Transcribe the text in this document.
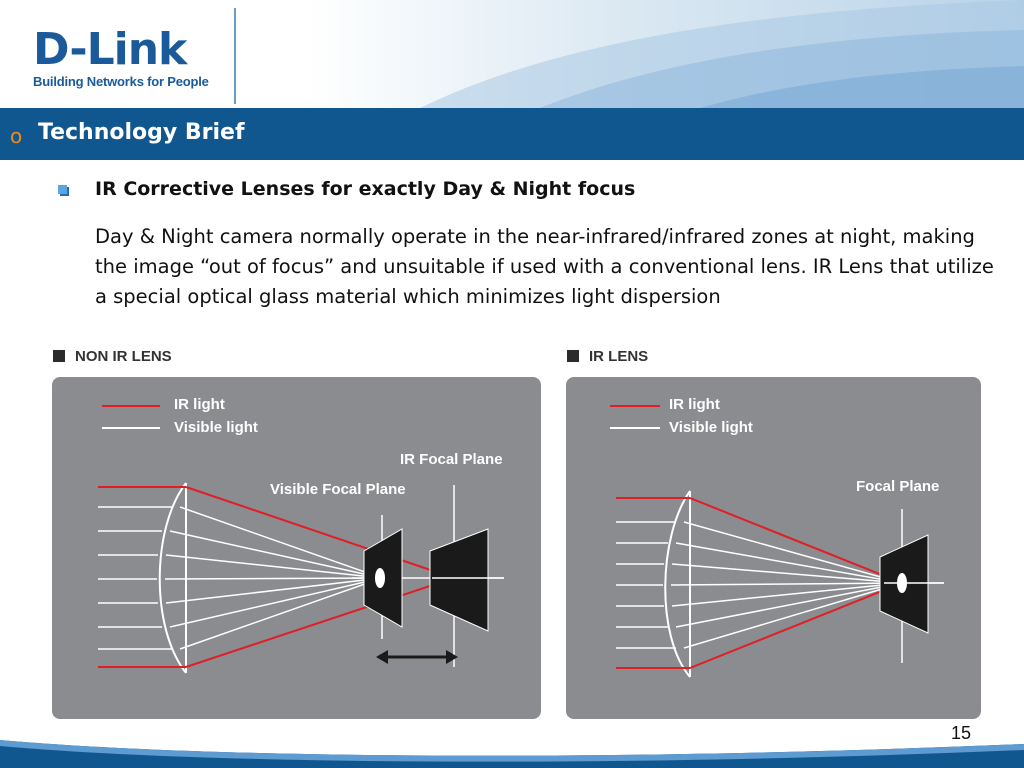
D-Link
Building Networks for People
o Technology Brief
IR Corrective Lenses for exactly Day & Night focus
Day & Night camera normally operate in the near-infrared/infrared zones at night, making the image “out of focus” and unsuitable if used with a conventional lens. IR Lens that utilize a special optical glass material which minimizes light dispersion
NON IR LENS	IR LENS
IR light
Visible light
IR Focal Plane
Visible Focal Plane
IR light
Visible light
Focal Plane
15
